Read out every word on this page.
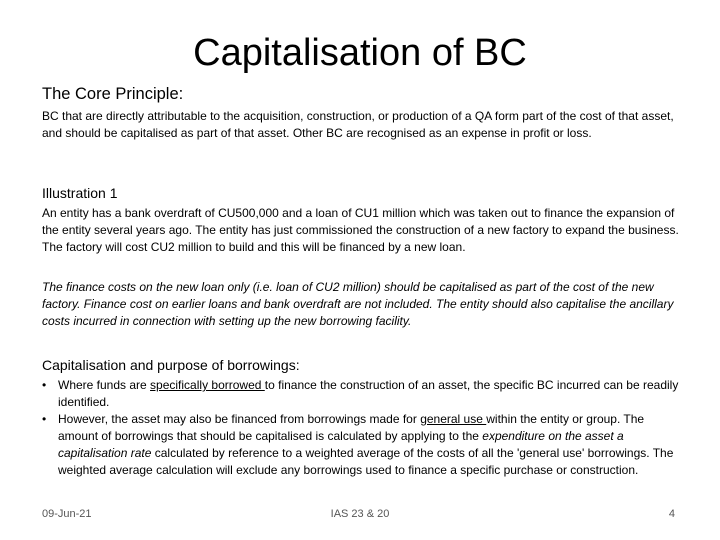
Capitalisation of BC
The Core Principle:
BC that are directly attributable to the acquisition, construction, or production of a QA form part of the cost of that asset, and should be capitalised as part of that asset. Other BC are recognised as an expense in profit or loss.
Illustration 1
An entity has a bank overdraft of CU500,000 and a loan of CU1 million which was taken out to finance the expansion of the entity several years ago. The entity has just commissioned the construction of a new factory to expand the business. The factory will cost CU2 million to build and this will be financed by a new loan.
The finance costs on the new loan only (i.e. loan of CU2 million) should be capitalised as part of the cost of the new factory. Finance cost on earlier loans and bank overdraft are not included. The entity should also capitalise the ancillary costs incurred in connection with setting up the new borrowing facility.
Capitalisation and purpose of borrowings:
• Where funds are specifically borrowed to finance the construction of an asset, the specific BC incurred can be readily identified.
• However, the asset may also be financed from borrowings made for general use within the entity or group. The amount of borrowings that should be capitalised is calculated by applying to the expenditure on the asset a capitalisation rate calculated by reference to a weighted average of the costs of all the 'general use' borrowings. The weighted average calculation will exclude any borrowings used to finance a specific purchase or construction.
09-Jun-21	IAS 23 & 20	4
